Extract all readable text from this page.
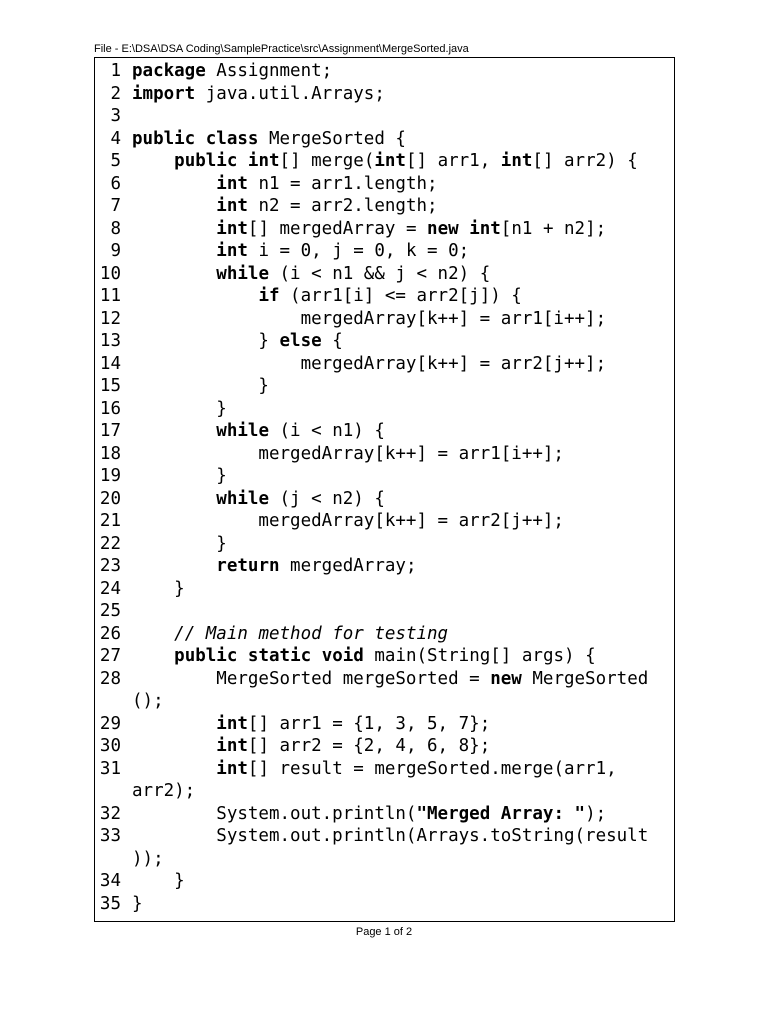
File - E:\DSA\DSA Coding\SamplePractice\src\Assignment\MergeSorted.java
1 package Assignment;
2 import java.util.Arrays;
3
4 public class MergeSorted {
5	public int[] merge(int[] arr1, int[] arr2) {
6	int n1 = arr1.length;
7	int n2 = arr2.length;
8	int[] mergedArray = new int[n1 + n2];
9	int i = 0, j = 0, k = 0;
10	while (i < n1 && j < n2) {
11	if (arr1[i] <= arr2[j]) {
12 mergedArray[k++] = arr1[i++];
13 } else {
14 mergedArray[k++] = arr2[j++];
15 }
16 }
17	while (i < n1) {
18 mergedArray[k++] = arr1[i++];
19 }
20	while (j < n2) {
21 mergedArray[k++] = arr2[j++];
22 }
23	return mergedArray;
24 }
25
26	// Main method for testing
27	public static void main(String[] args) {
28 MergeSorted mergeSorted = new MergeSorted
();
29	int[] arr1 = {1, 3, 5, 7};
30	int[] arr2 = {2, 4, 6, 8};
31	int[] result = mergeSorted.merge(arr1,
arr2);
32 System.out.println("Merged Array: ");
33 System.out.println(Arrays.toString(result
));
34 }
35 }
Page 1 of 2
